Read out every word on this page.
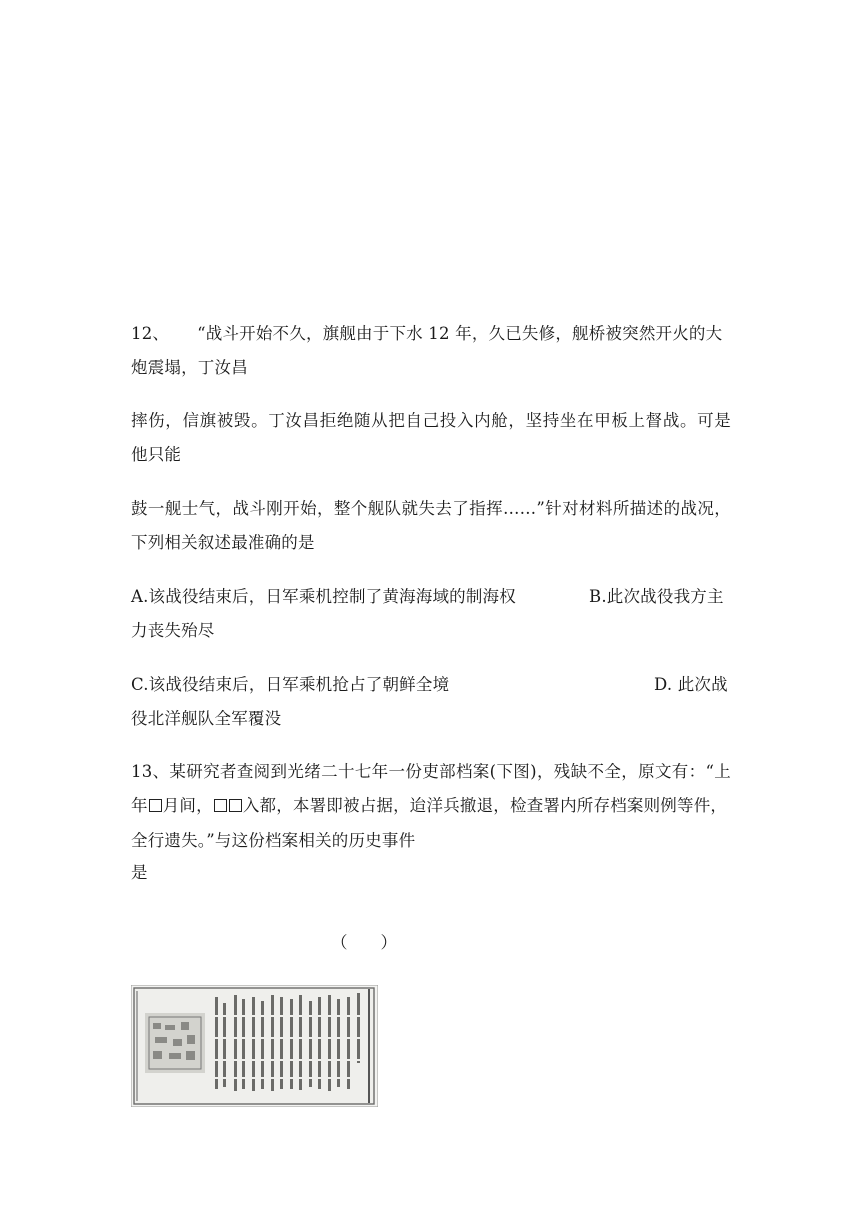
12、 “战斗开始不久，旗舰由于下水 12 年，久已失修，舰桥被突然开火的大
炮震塌，丁汝昌
摔伤，信旗被毁。丁汝昌拒绝随从把自己投入内舱，坚持坐在甲板上督战。可是
他只能
鼓一舰士气，战斗刚开始，整个舰队就失去了指挥……”针对材料所描述的战况，
下列相关叙述最准确的是
A.该战役结束后，日军乘机控制了黄海海域的制海权	B.此次战役我方主
力丧失殆尽
C.该战役结束后，日军乘机抢占了朝鲜全境	D. 此次战
役北洋舰队全军覆没
13、某研究者查阅到光绪二十七年一份吏部档案(下图)，残缺不全，原文有：“上
年 月间， 入都，本署即被占据，迨洋兵撤退，检查署内所存档案则例等件，
全行遗失。”与这份档案相关的历史事件
是
（　　）
